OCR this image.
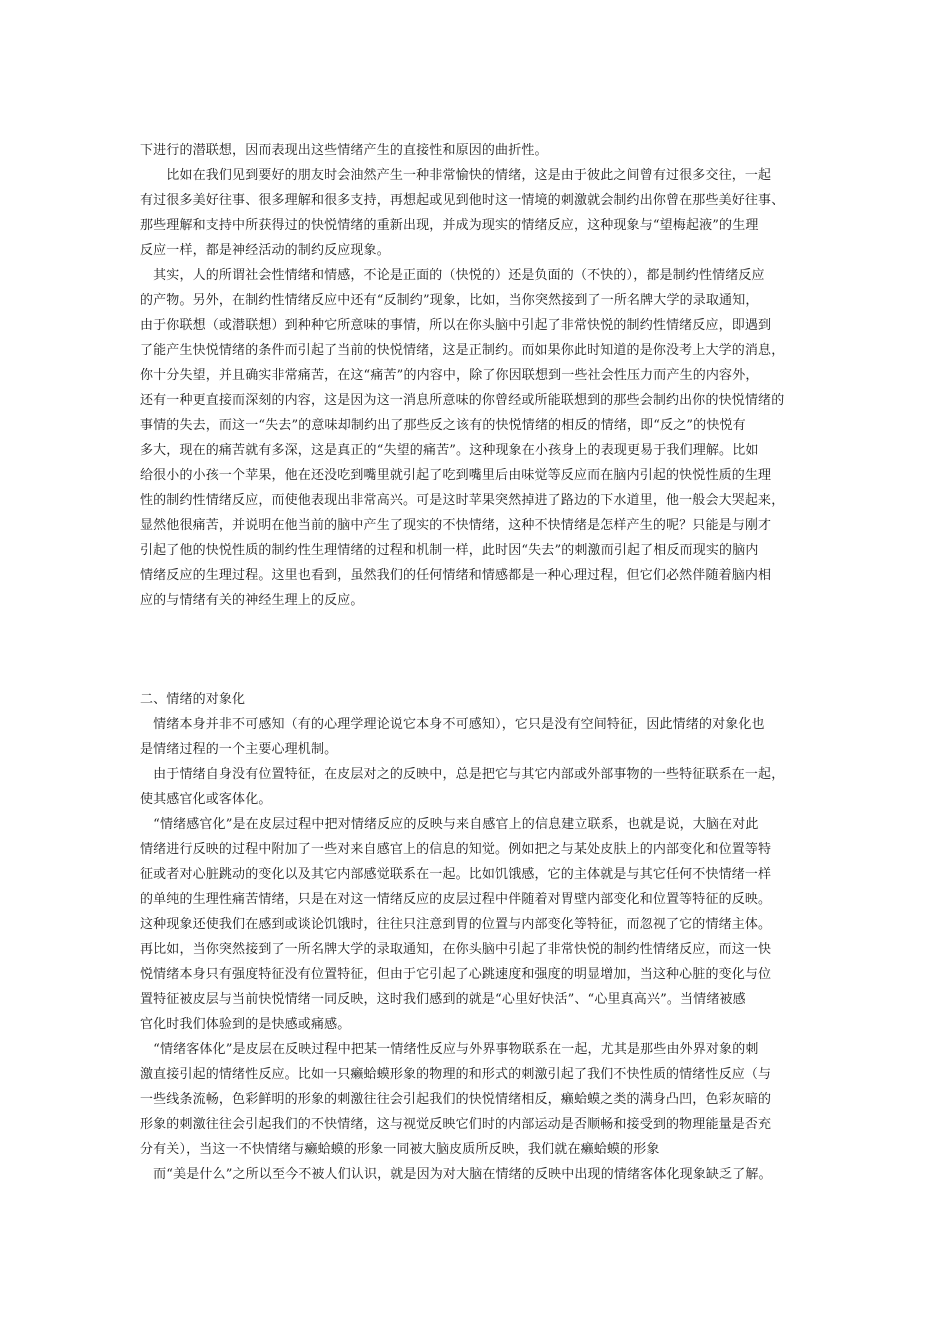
下进行的潜联想，因而表现出这些情绪产生的直接性和原因的曲折性。
　　比如在我们见到要好的朋友时会油然产生一种非常愉快的情绪，这是由于彼此之间曾有过很多交往，一起
有过很多美好往事、很多理解和很多支持，再想起或见到他时这一情境的刺激就会制约出你曾在那些美好往事、
那些理解和支持中所获得过的快悦情绪的重新出现，并成为现实的情绪反应，这种现象与“望梅起液”的生理
反应一样，都是神经活动的制约反应现象。
　其实，人的所谓社会性情绪和情感，不论是正面的（快悦的）还是负面的（不快的），都是制约性情绪反应
的产物。另外，在制约性情绪反应中还有“反制约”现象，比如，当你突然接到了一所名牌大学的录取通知，
由于你联想（或潜联想）到种种它所意味的事情，所以在你头脑中引起了非常快悦的制约性情绪反应，即遇到
了能产生快悦情绪的条件而引起了当前的快悦情绪，这是正制约。而如果你此时知道的是你没考上大学的消息，
你十分失望，并且确实非常痛苦，在这“痛苦”的内容中，除了你因联想到一些社会性压力而产生的内容外，
还有一种更直接而深刻的内容，这是因为这一消息所意味的你曾经或所能联想到的那些会制约出你的快悦情绪的
事情的失去，而这一“失去”的意味却制约出了那些反之该有的快悦情绪的相反的情绪，即“反之”的快悦有
多大，现在的痛苦就有多深，这是真正的“失望的痛苦”。这种现象在小孩身上的表现更易于我们理解。比如
给很小的小孩一个苹果，他在还没吃到嘴里就引起了吃到嘴里后由味觉等反应而在脑内引起的快悦性质的生理
性的制约性情绪反应，而使他表现出非常高兴。可是这时苹果突然掉进了路边的下水道里，他一般会大哭起来，
显然他很痛苦，并说明在他当前的脑中产生了现实的不快情绪，这种不快情绪是怎样产生的呢？只能是与刚才
引起了他的快悦性质的制约性生理情绪的过程和机制一样，此时因“失去”的刺激而引起了相反而现实的脑内
情绪反应的生理过程。这里也看到，虽然我们的任何情绪和情感都是一种心理过程，但它们必然伴随着脑内相
应的与情绪有关的神经生理上的反应。
二、情绪的对象化
　情绪本身并非不可感知（有的心理学理论说它本身不可感知），它只是没有空间特征，因此情绪的对象化也
是情绪过程的一个主要心理机制。
　由于情绪自身没有位置特征，在皮层对之的反映中，总是把它与其它内部或外部事物的一些特征联系在一起，
使其感官化或客体化。
　“情绪感官化”是在皮层过程中把对情绪反应的反映与来自感官上的信息建立联系，也就是说，大脑在对此
情绪进行反映的过程中附加了一些对来自感官上的信息的知觉。例如把之与某处皮肤上的内部变化和位置等特
征或者对心脏跳动的变化以及其它内部感觉联系在一起。比如饥饿感，它的主体就是与其它任何不快情绪一样
的单纯的生理性痛苦情绪，只是在对这一情绪反应的皮层过程中伴随着对胃壁内部变化和位置等特征的反映。
这种现象还使我们在感到或谈论饥饿时，往往只注意到胃的位置与内部变化等特征，而忽视了它的情绪主体。
再比如，当你突然接到了一所名牌大学的录取通知，在你头脑中引起了非常快悦的制约性情绪反应，而这一快
悦情绪本身只有强度特征没有位置特征，但由于它引起了心跳速度和强度的明显增加，当这种心脏的变化与位
置特征被皮层与当前快悦情绪一同反映，这时我们感到的就是“心里好快活”、“心里真高兴”。当情绪被感
官化时我们体验到的是快感或痛感。
　“情绪客体化”是皮层在反映过程中把某一情绪性反应与外界事物联系在一起，尤其是那些由外界对象的刺
激直接引起的情绪性反应。比如一只癞蛤蟆形象的物理的和形式的刺激引起了我们不快性质的情绪性反应（与
一些线条流畅，色彩鲜明的形象的刺激往往会引起我们的快悦情绪相反，癞蛤蟆之类的满身凸凹，色彩灰暗的
形象的刺激往往会引起我们的不快情绪，这与视觉反映它们时的内部运动是否顺畅和接受到的物理能量是否充
分有关），当这一不快情绪与癞蛤蟆的形象一同被大脑皮质所反映，我们就在癞蛤蟆的形象
　而“美是什么”之所以至今不被人们认识，就是因为对大脑在情绪的反映中出现的情绪客体化现象缺乏了解。
